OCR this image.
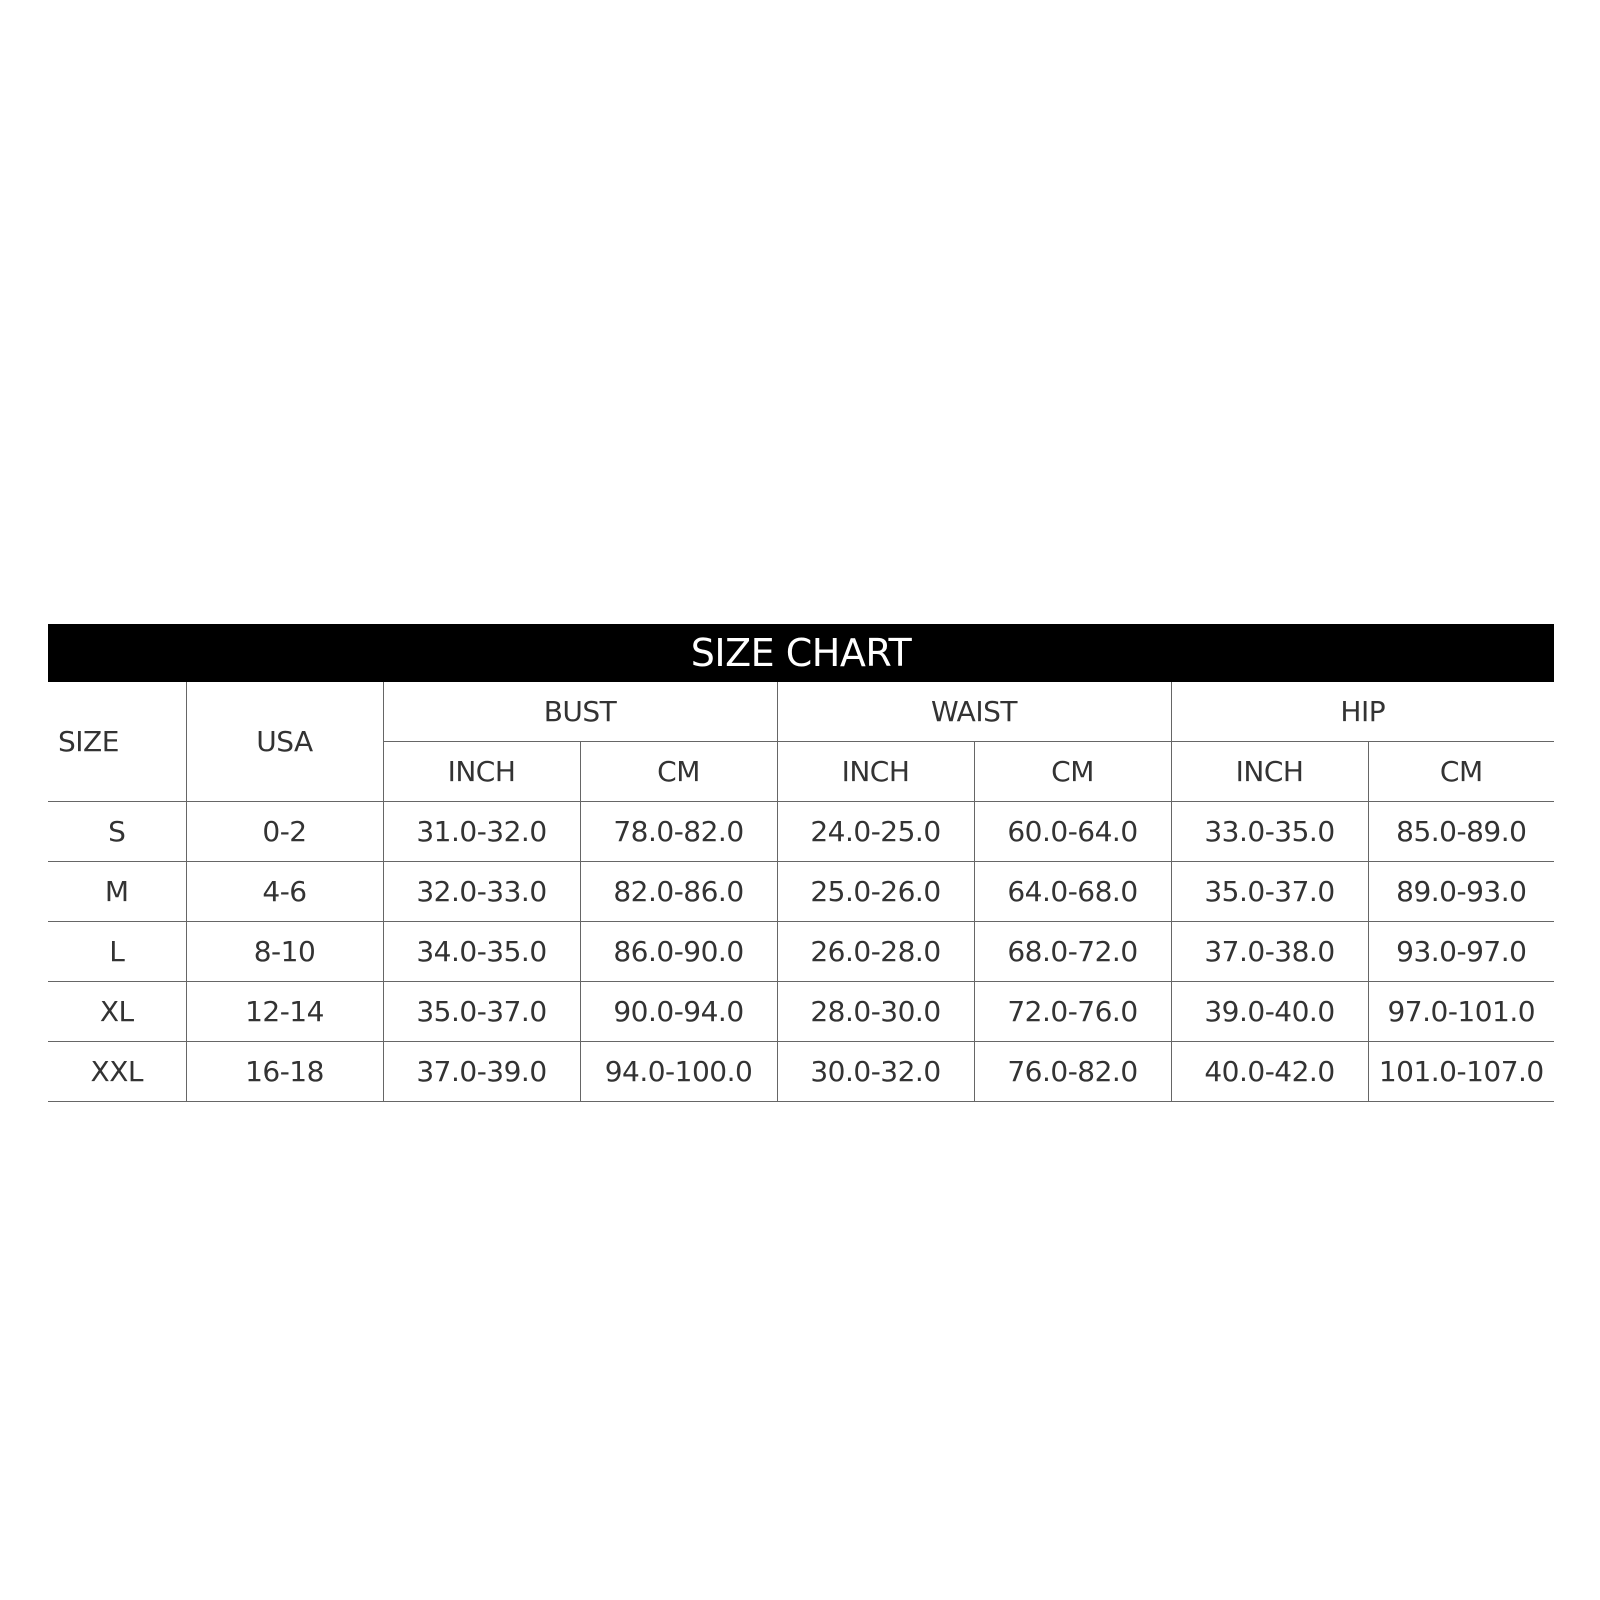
SIZE CHART
SIZE	USA	BUST		WAIST		HIP	
		INCH	CM	INCH	CM	INCH	CM
S	0-2	31.0-32.0	78.0-82.0	24.0-25.0	60.0-64.0	33.0-35.0	85.0-89.0
M	4-6	32.0-33.0	82.0-86.0	25.0-26.0	64.0-68.0	35.0-37.0	89.0-93.0
L	8-10	34.0-35.0	86.0-90.0	26.0-28.0	68.0-72.0	37.0-38.0	93.0-97.0
XL	12-14	35.0-37.0	90.0-94.0	28.0-30.0	72.0-76.0	39.0-40.0	97.0-101.0
XXL	16-18	37.0-39.0	94.0-100.0	30.0-32.0	76.0-82.0	40.0-42.0	101.0-107.0
